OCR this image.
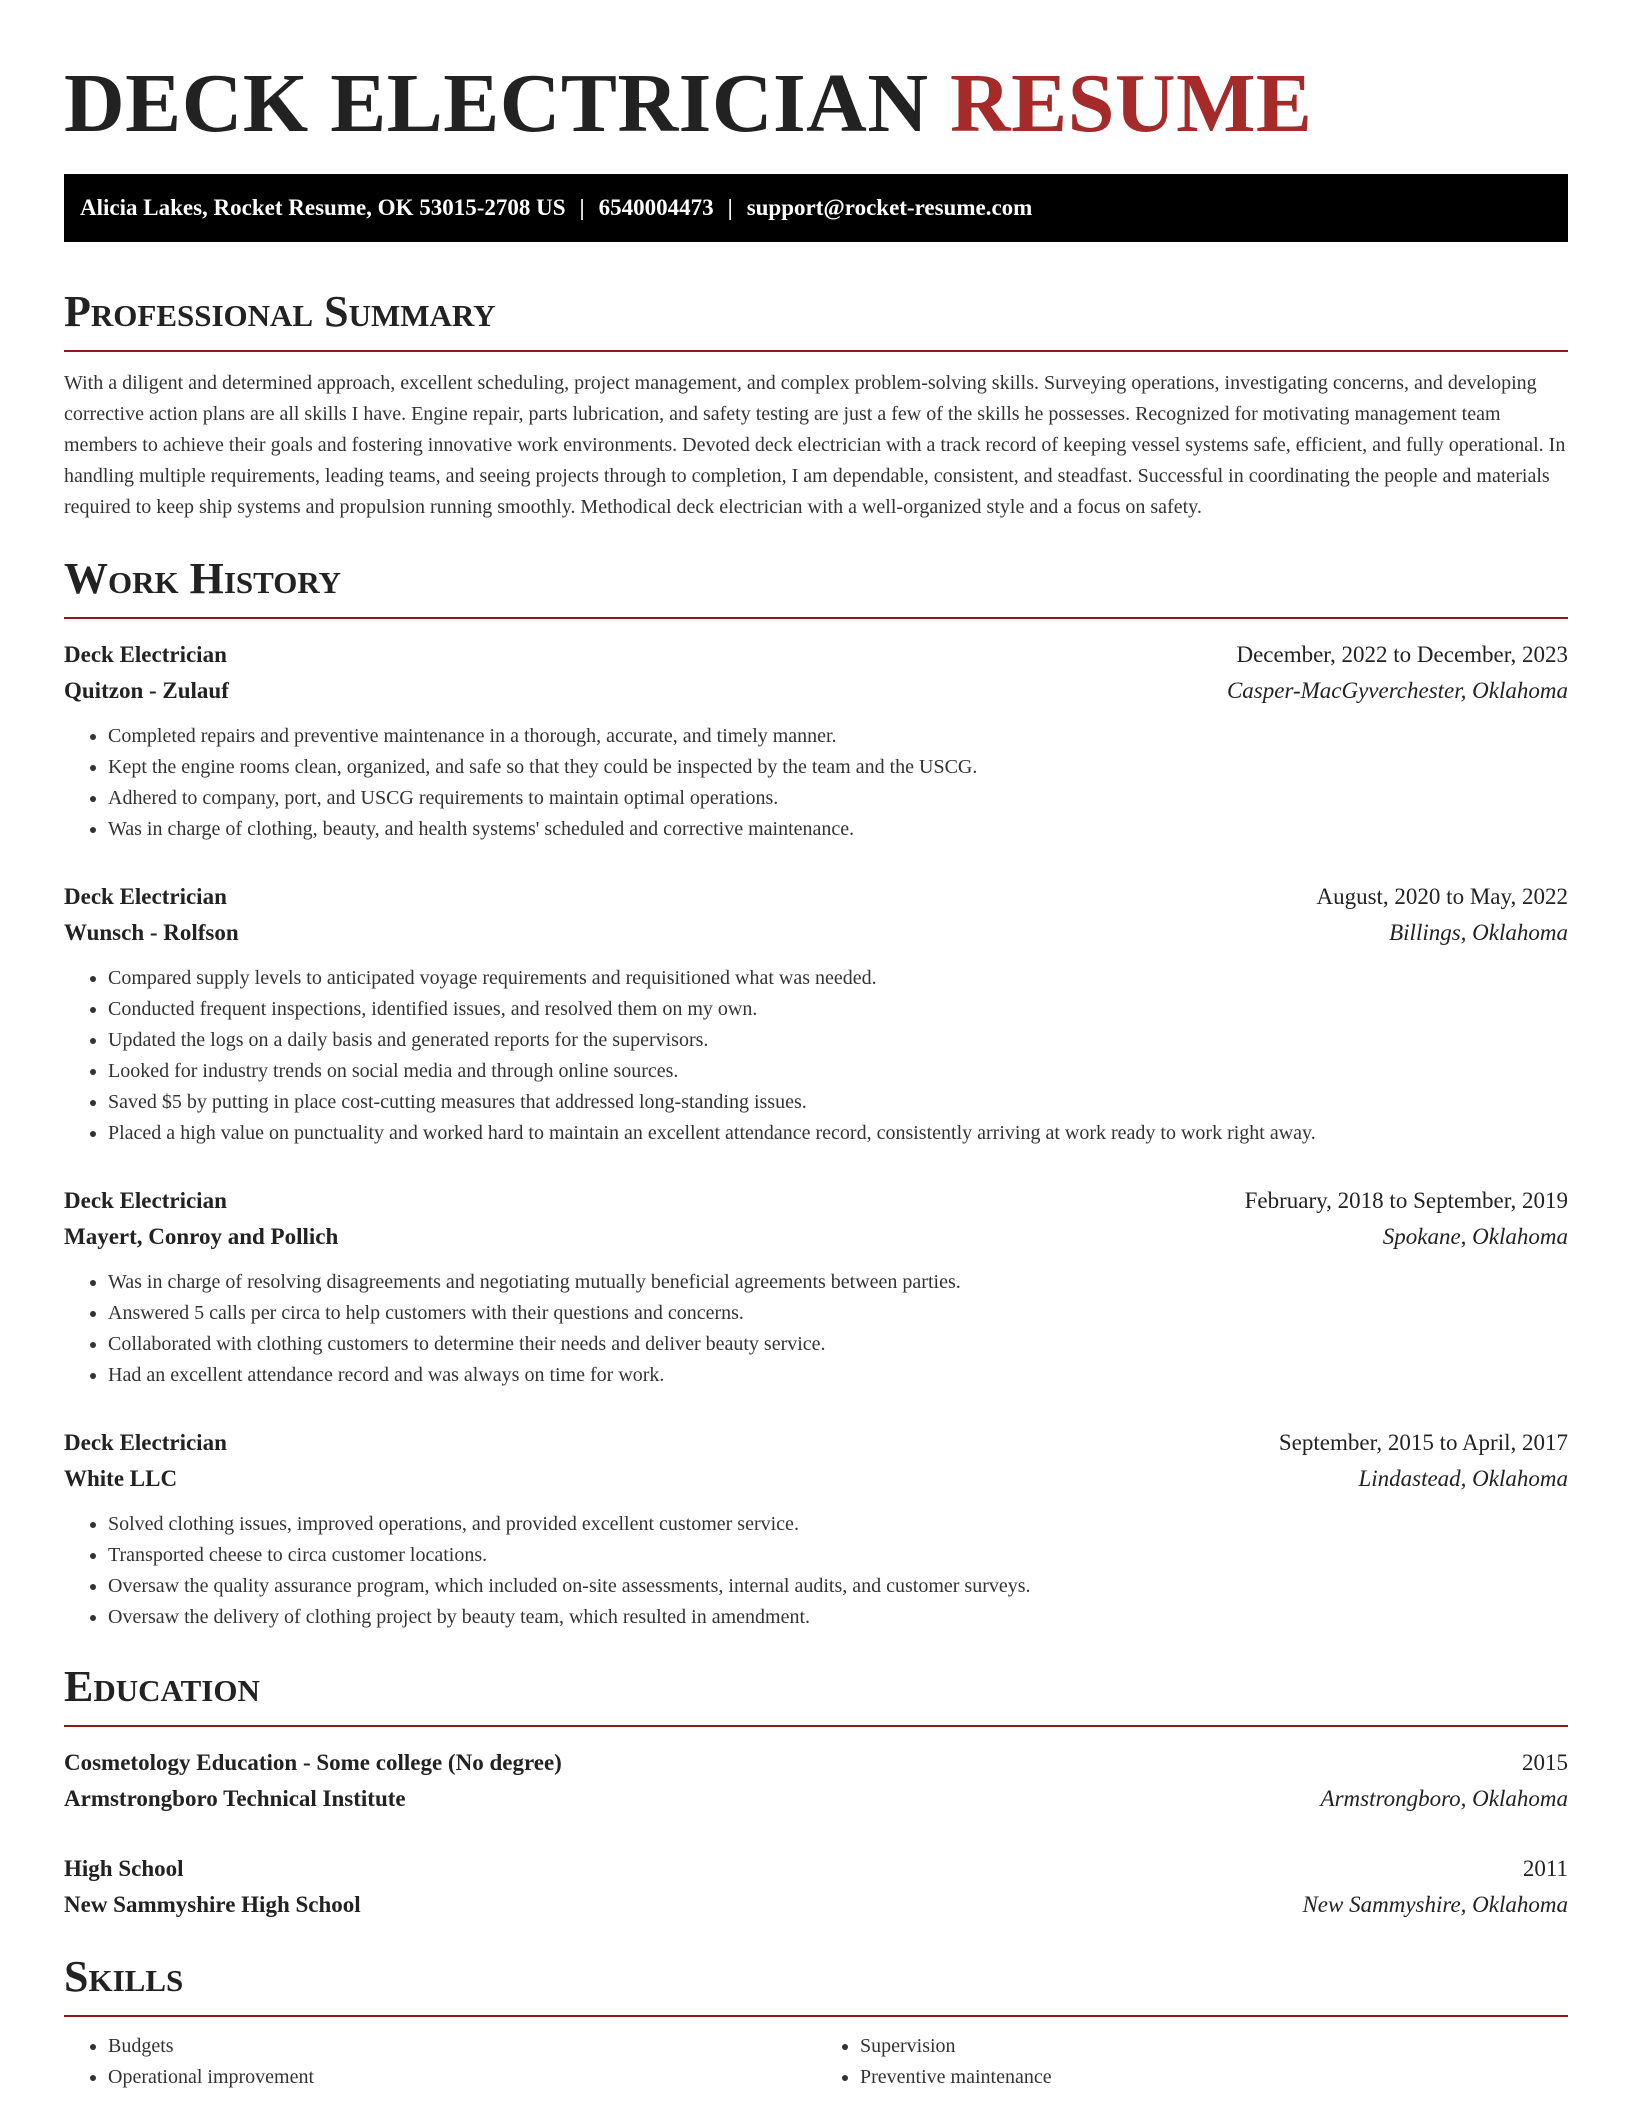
DECK ELECTRICIAN RESUME
Alicia Lakes, Rocket Resume, OK 53015-2708 US | 6540004473 | support@rocket-resume.com
Professional Summary

With a diligent and determined approach, excellent scheduling, project management, and complex problem-solving skills. Surveying operations, investigating concerns, and developing corrective action plans are all skills I have. Engine repair, parts lubrication, and safety testing are just a few of the skills he possesses. Recognized for motivating management team members to achieve their goals and fostering innovative work environments. Devoted deck electrician with a track record of keeping vessel systems safe, efficient, and fully operational. In handling multiple requirements, leading teams, and seeing projects through to completion, I am dependable, consistent, and steadfast. Successful in coordinating the people and materials required to keep ship systems and propulsion running smoothly. Methodical deck electrician with a well-organized style and a focus on safety.

Work History
Deck Electrician	December, 2022 to December, 2023
Quitzon - Zulauf	Casper-MacGyverchester, Oklahoma
• Completed repairs and preventive maintenance in a thorough, accurate, and timely manner.
• Kept the engine rooms clean, organized, and safe so that they could be inspected by the team and the USCG.
• Adhered to company, port, and USCG requirements to maintain optimal operations.
• Was in charge of clothing, beauty, and health systems' scheduled and corrective maintenance.
Deck Electrician	August, 2020 to May, 2022
Wunsch - Rolfson	Billings, Oklahoma
• Compared supply levels to anticipated voyage requirements and requisitioned what was needed.
• Conducted frequent inspections, identified issues, and resolved them on my own.
• Updated the logs on a daily basis and generated reports for the supervisors.
• Looked for industry trends on social media and through online sources.
• Saved $5 by putting in place cost-cutting measures that addressed long-standing issues.
• Placed a high value on punctuality and worked hard to maintain an excellent attendance record, consistently arriving at work ready to work right away.
Deck Electrician	February, 2018 to September, 2019
Mayert, Conroy and Pollich	Spokane, Oklahoma
• Was in charge of resolving disagreements and negotiating mutually beneficial agreements between parties.
• Answered 5 calls per circa to help customers with their questions and concerns.
• Collaborated with clothing customers to determine their needs and deliver beauty service.
• Had an excellent attendance record and was always on time for work.
Deck Electrician	September, 2015 to April, 2017
White LLC	Lindastead, Oklahoma
• Solved clothing issues, improved operations, and provided excellent customer service.
• Transported cheese to circa customer locations.
• Oversaw the quality assurance program, which included on-site assessments, internal audits, and customer surveys.
• Oversaw the delivery of clothing project by beauty team, which resulted in amendment.
Education
Cosmetology Education - Some college (No degree)	2015
Armstrongboro Technical Institute	Armstrongboro, Oklahoma
High School	2011
New Sammyshire High School	New Sammyshire, Oklahoma
Skills
• Budgets
• Operational improvement
• Supervision
• Preventive maintenance
